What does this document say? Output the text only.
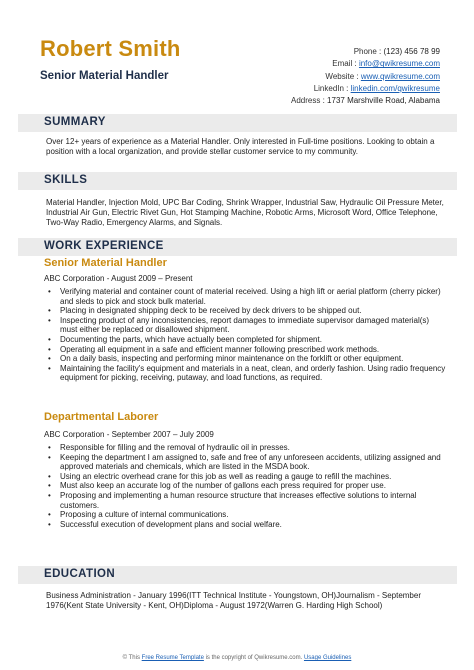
Robert Smith
Senior Material Handler
Phone : (123) 456 78 99
Email : info@qwikresume.com
Website : www.qwikresume.com
LinkedIn : linkedin.com/qwikresume
Address : 1737 Marshville Road, Alabama
SUMMARY
Over 12+ years of experience as a Material Handler. Only interested in Full-time positions. Looking to obtain a position with a local organization, and provide stellar customer service to my community.
SKILLS
Material Handler, Injection Mold, UPC Bar Coding, Shrink Wrapper, Industrial Saw, Hydraulic Oil Pressure Meter, Industrial Air Gun, Electric Rivet Gun, Hot Stamping Machine, Robotic Arms, Microsoft Word, Office Telephone, Two-Way Radio, Emergency Alarms, and Signals.
WORK EXPERIENCE
Senior Material Handler
ABC Corporation - August 2009 – Present
• Verifying material and container count of material received. Using a high lift or aerial platform (cherry picker) and sleds to pick and stock bulk material.
• Placing in designated shipping deck to be received by deck drivers to be shipped out.
• Inspecting product of any inconsistencies, report damages to immediate supervisor damaged material(s) must either be replaced or disallowed shipment.
• Documenting the parts, which have actually been completed for shipment.
• Operating all equipment in a safe and efficient manner following prescribed work methods.
• On a daily basis, inspecting and performing minor maintenance on the forklift or other equipment.
• Maintaining the facility's equipment and materials in a neat, clean, and orderly fashion. Using radio frequency equipment for picking, receiving, putaway, and load functions, as required.
Departmental Laborer
ABC Corporation - September 2007 – July 2009
• Responsible for filling and the removal of hydraulic oil in presses.
• Keeping the department I am assigned to, safe and free of any unforeseen accidents, utilizing assigned and approved materials and chemicals, which are listed in the MSDA book.
• Using an electric overhead crane for this job as well as reading a gauge to refill the machines.
• Must also keep an accurate log of the number of gallons each press required for proper use.
• Proposing and implementing a human resource structure that increases effective solutions to internal customers.
• Proposing a culture of internal communications.
• Successful execution of development plans and social welfare.
EDUCATION
Business Administration - January 1996(ITT Technical Institute - Youngstown, OH)Journalism - September 1976(Kent State University - Kent, OH)Diploma - August 1972(Warren G. Harding High School)
© This Free Resume Template is the copyright of Qwikresume.com. Usage Guidelines
